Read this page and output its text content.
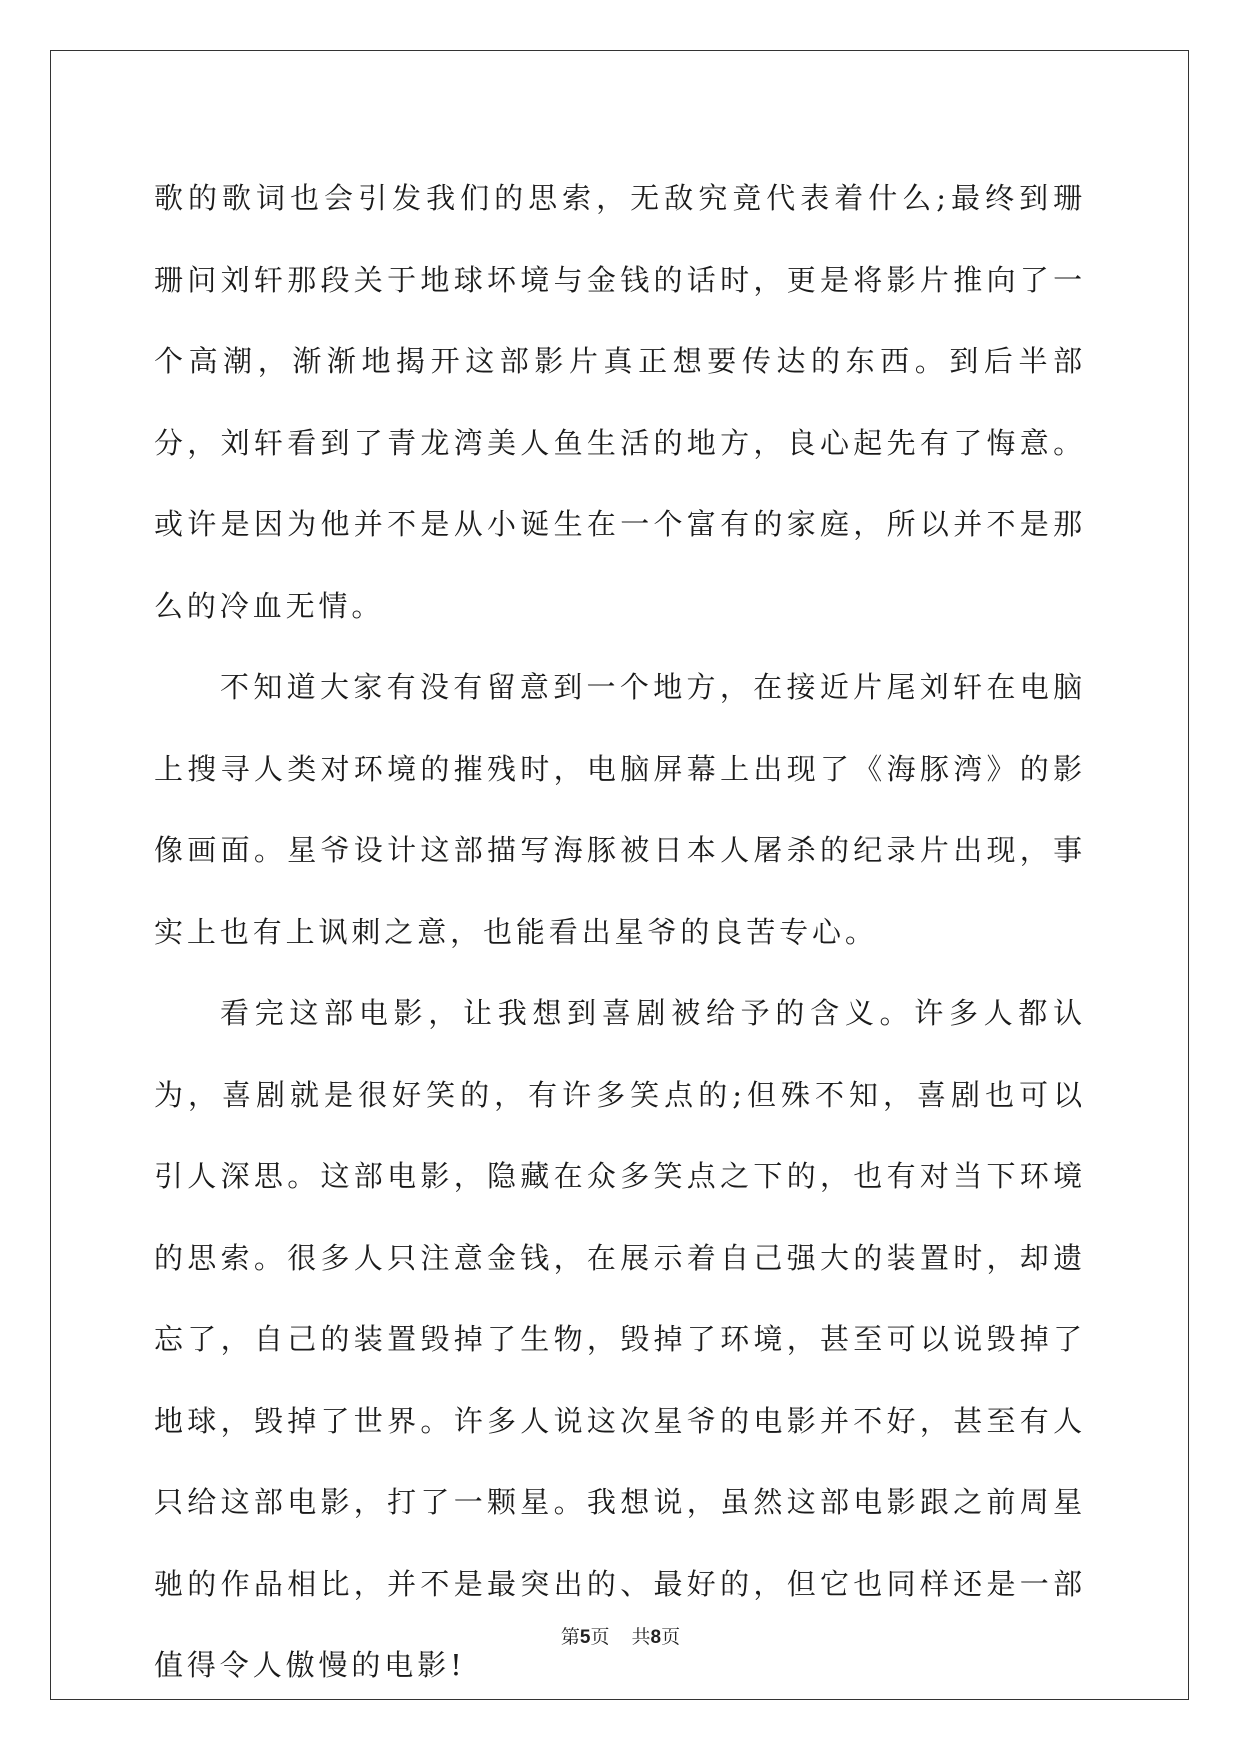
歌的歌词也会引发我们的思索，无敌究竟代表着什么;最终到珊珊问刘轩那段关于地球坏境与金钱的话时，更是将影片推向了一个高潮，渐渐地揭开这部影片真正想要传达的东西。到后半部分，刘轩看到了青龙湾美人鱼生活的地方，良心起先有了悔意。或许是因为他并不是从小诞生在一个富有的家庭，所以并不是那么的冷血无情。

不知道大家有没有留意到一个地方，在接近片尾刘轩在电脑上搜寻人类对环境的摧残时，电脑屏幕上出现了《海豚湾》的影像画面。星爷设计这部描写海豚被日本人屠杀的纪录片出现，事实上也有上讽刺之意，也能看出星爷的良苦专心。

看完这部电影，让我想到喜剧被给予的含义。许多人都认为，喜剧就是很好笑的，有许多笑点的;但殊不知，喜剧也可以引人深思。这部电影，隐藏在众多笑点之下的，也有对当下环境的思索。很多人只注意金钱，在展示着自己强大的装置时，却遗忘了，自己的装置毁掉了生物，毁掉了环境，甚至可以说毁掉了地球，毁掉了世界。许多人说这次星爷的电影并不好，甚至有人只给这部电影，打了一颗星。我想说，虽然这部电影跟之前周星驰的作品相比，并不是最突出的、最好的，但它也同样还是一部值得令人傲慢的电影!

第5页 共8页
